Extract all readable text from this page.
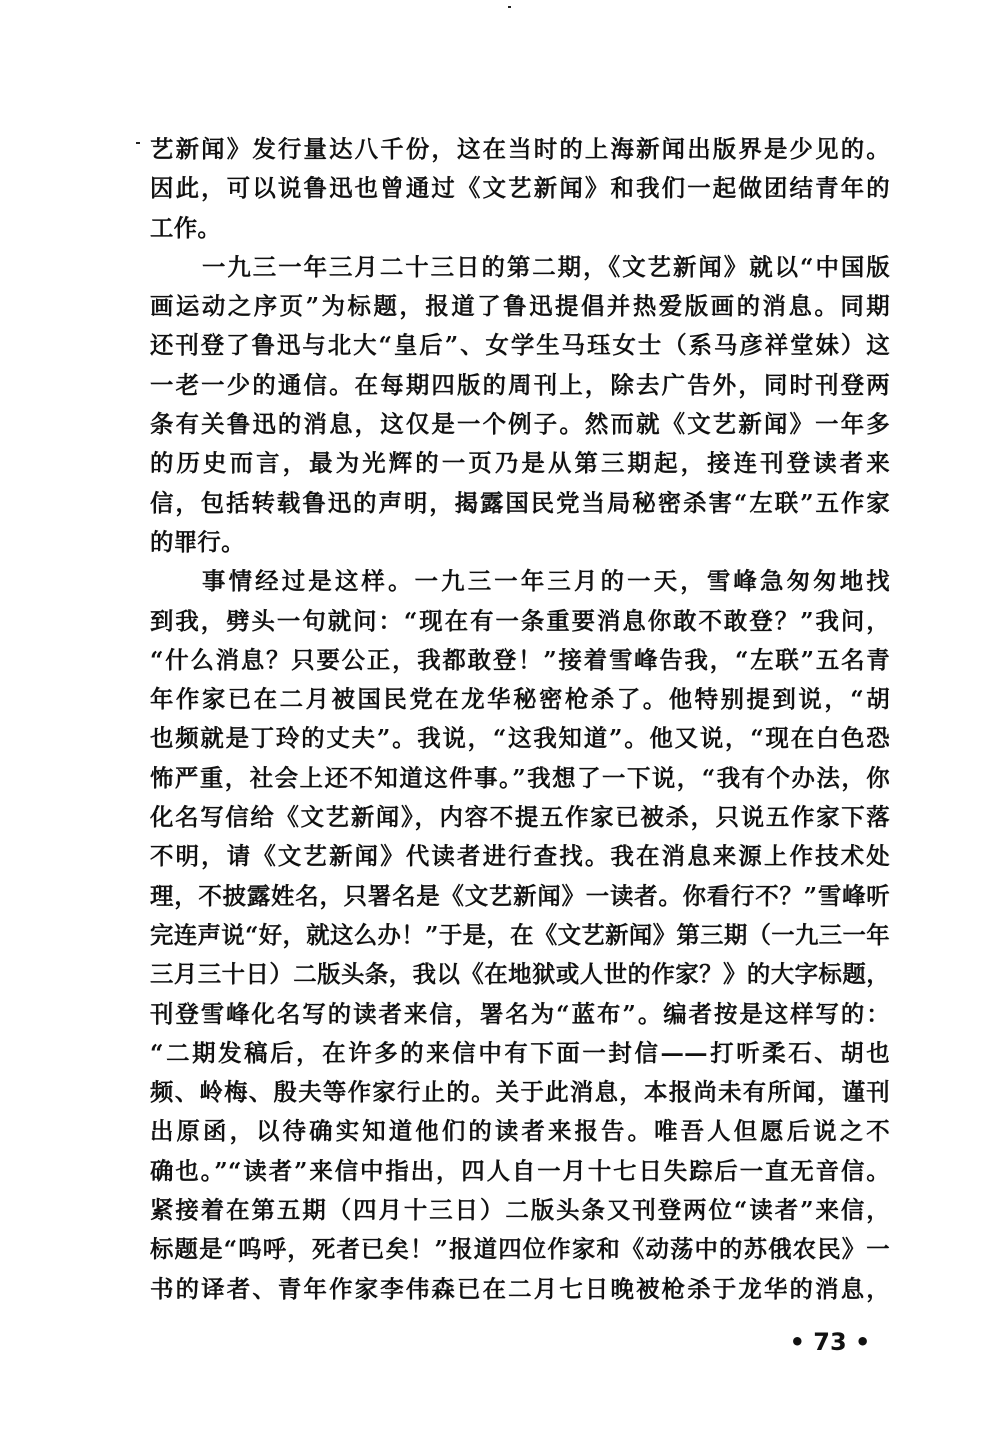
艺新闻》发行量达八千份，这在当时的上海新闻出版界是少见的。
因此，可以说鲁迅也曾通过《文艺新闻》和我们一起做团结青年的
工作。
一九三一年三月二十三日的第二期，《文艺新闻》就以“中国版
画运动之序页”为标题，报道了鲁迅提倡并热爱版画的消息。同期
还刊登了鲁迅与北大“皇后”、女学生马珏女士（系马彦祥堂妹）这
一老一少的通信。在每期四版的周刊上，除去广告外，同时刊登两
条有关鲁迅的消息，这仅是一个例子。然而就《文艺新闻》一年多
的历史而言，最为光辉的一页乃是从第三期起，接连刊登读者来
信，包括转载鲁迅的声明，揭露国民党当局秘密杀害“左联”五作家
的罪行。
事情经过是这样。一九三一年三月的一天，雪峰急匆匆地找
到我，劈头一句就问：“现在有一条重要消息你敢不敢登？”我问，
“什么消息？只要公正，我都敢登！”接着雪峰告我，“左联”五名青
年作家已在二月被国民党在龙华秘密枪杀了。他特别提到说，“胡
也频就是丁玲的丈夫”。我说，“这我知道”。他又说，“现在白色恐
怖严重，社会上还不知道这件事。”我想了一下说，“我有个办法，你
化名写信给《文艺新闻》，内容不提五作家已被杀，只说五作家下落
不明，请《文艺新闻》代读者进行查找。我在消息来源上作技术处
理，不披露姓名，只署名是《文艺新闻》一读者。你看行不？”雪峰听
完连声说“好，就这么办！”于是，在《文艺新闻》第三期（一九三一年
三月三十日）二版头条，我以《在地狱或人世的作家？》的大字标题，
刊登雪峰化名写的读者来信，署名为“蓝布”。编者按是这样写的：
“二期发稿后，在许多的来信中有下面一封信——打听柔石、胡也
频、岭梅、殷夫等作家行止的。关于此消息，本报尚未有所闻，谨刊
出原函，以待确实知道他们的读者来报告。唯吾人但愿后说之不
确也。”“读者”来信中指出，四人自一月十七日失踪后一直无音信。
紧接着在第五期（四月十三日）二版头条又刊登两位“读者”来信，
标题是“呜呼，死者已矣！”报道四位作家和《动荡中的苏俄农民》一
书的译者、青年作家李伟森已在二月七日晚被枪杀于龙华的消息，
• 73 •
